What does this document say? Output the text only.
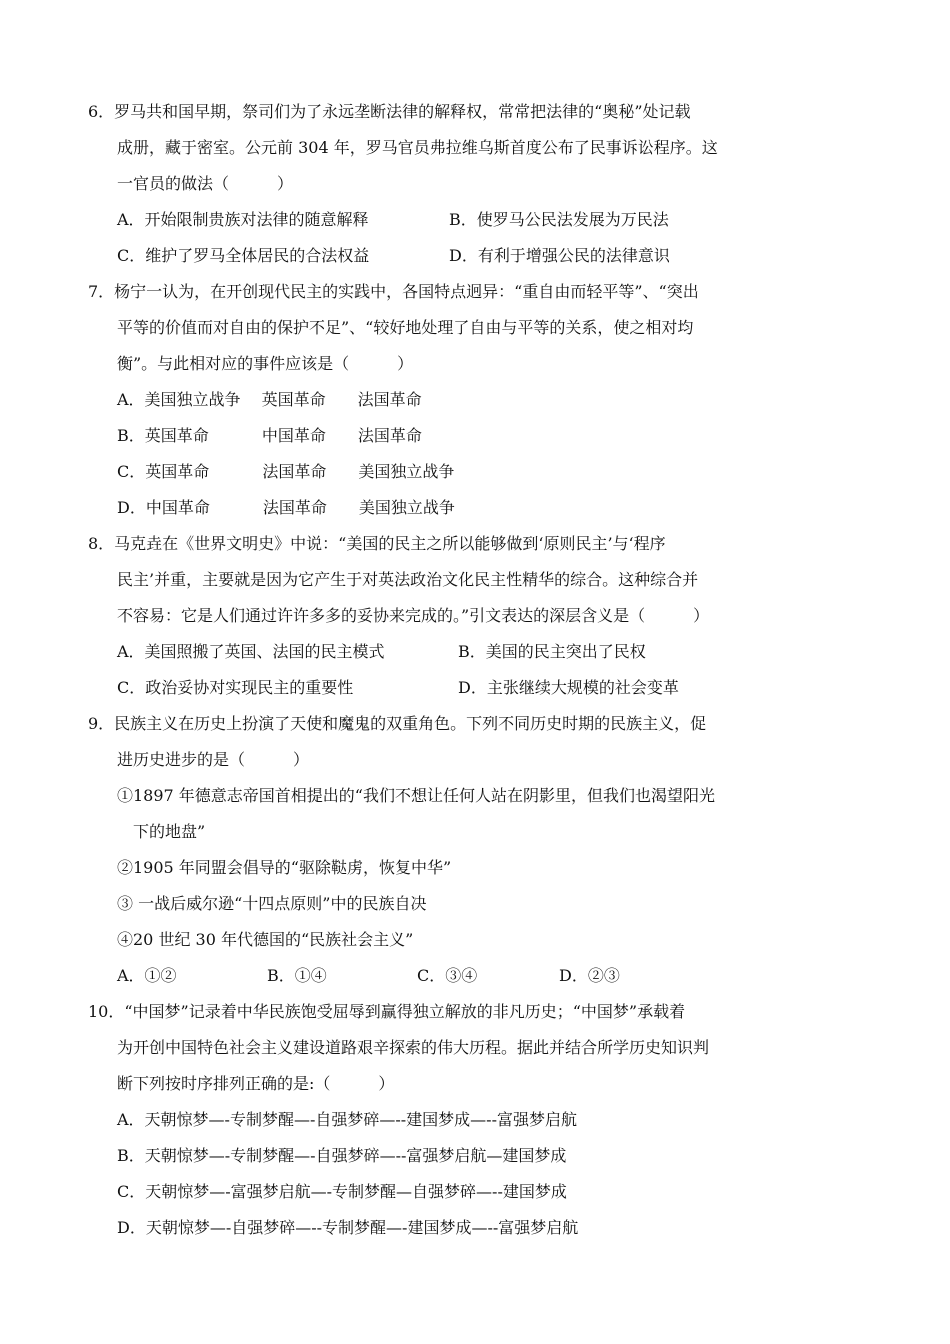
6．罗马共和国早期，祭司们为了永远垄断法律的解释权，常常把法律的“奥秘”处记载
成册，藏于密室。公元前 304 年，罗马官员弗拉维乌斯首度公布了民事诉讼程序。这
一官员的做法（　　　）
A．开始限制贵族对法律的随意解释	B．使罗马公民法发展为万民法
C．维护了罗马全体居民的合法权益	D．有利于增强公民的法律意识
7．杨宁一认为，在开创现代民主的实践中，各国特点迥异：“重自由而轻平等”、“突出
平等的价值而对自由的保护不足”、“较好地处理了自由与平等的关系，使之相对均
衡”。与此相对应的事件应该是（　　　）
A．美国独立战争　 英国革命　　法国革命
B．英国革命　　　 中国革命　　法国革命
C．英国革命　　　 法国革命　　美国独立战争
D．中国革命　　　 法国革命　　美国独立战争
8．马克垚在《世界文明史》中说：“美国的民主之所以能够做到‘原则民主’与‘程序
民主’并重，主要就是因为它产生于对英法政治文化民主性精华的综合。这种综合并
不容易：它是人们通过许许多多的妥协来完成的。”引文表达的深层含义是（　　　）
A．美国照搬了英国、法国的民主模式	B．美国的民主突出了民权
C．政治妥协对实现民主的重要性	D．主张继续大规模的社会变革
9．民族主义在历史上扮演了天使和魔鬼的双重角色。下列不同历史时期的民族主义，促
进历史进步的是（　　　）
①1897 年德意志帝国首相提出的“我们不想让任何人站在阴影里，但我们也渴望阳光
　下的地盘”
②1905 年同盟会倡导的“驱除鞑虏，恢复中华”
③ 一战后威尔逊“十四点原则”中的民族自决
④20 世纪 30 年代德国的“民族社会主义”
A．①②	B．①④	C．③④	D．②③
10．“中国梦”记录着中华民族饱受屈辱到赢得独立解放的非凡历史；“中国梦”承载着
为开创中国特色社会主义建设道路艰辛探索的伟大历程。据此并结合所学历史知识判
断下列按时序排列正确的是:（　　　）
A．天朝惊梦—-专制梦醒—-自强梦碎—--建国梦成—--富强梦启航
B．天朝惊梦—-专制梦醒—-自强梦碎—--富强梦启航—建国梦成
C．天朝惊梦—-富强梦启航—-专制梦醒—自强梦碎—--建国梦成
D．天朝惊梦—-自强梦碎—--专制梦醒—-建国梦成—--富强梦启航
